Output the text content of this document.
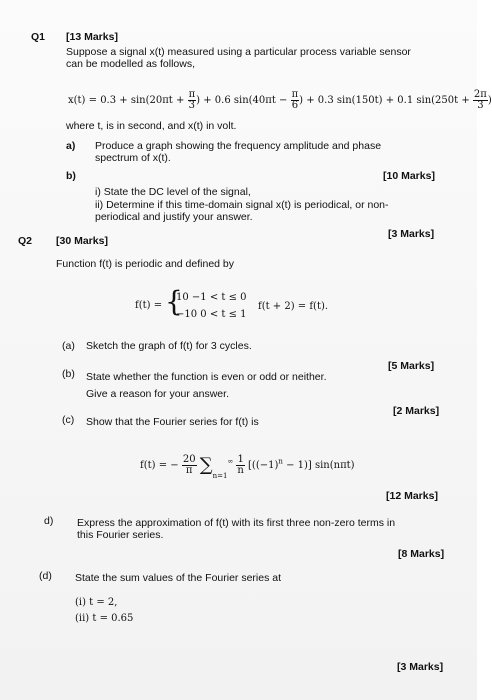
Q1 [13 Marks]
Suppose a signal x(t) measured using a particular process variable sensor
can be modelled as follows,
$x(t) = 0.3 + \sin(20\pi t + \frac{\pi}{3}$ ) + 0.6 $\sin(40\pi t - \frac{\pi}{6}$ ) + 0.3 sin(150t) + 0.1 $\sin(250t + \frac{2\pi}{3}$ )
where t, is in second, and x(t) in volt.
a) Produce a graph showing the frequency amplitude and phase
spectrum of x(t).
b)	[10 Marks]
i) State the DC level of the signal,
ii) Determine if this time-domain signal x(t) is periodical, or non-
periodical and justify your answer.
[3 Marks]
Q2 [30 Marks]
Function f(t) is periodic and defined by
f(t) = {
10 −1 < t ≤ 0
−10 0 < t ≤ 1
f(t + 2) = f(t).
(a) Sketch the graph of f(t) for 3 cycles.
[5 Marks]
(b) State whether the function is even or odd or neither.
Give a reason for your answer.
[2 Marks]
(c) Show that the Fourier series for f(t) is
f(t) = − $\frac{20}{\pi} \sum_{n=1}^\infty \frac{1}{n} [((-1)^n - 1)]$ sin(nπt)
[12 Marks]
d) Express the approximation of f(t) with its first three non-zero terms in
this Fourier series.
[8 Marks]
(d) State the sum values of the Fourier series at
(i) t = 2,
(ii) t = 0.65
[3 Marks]
